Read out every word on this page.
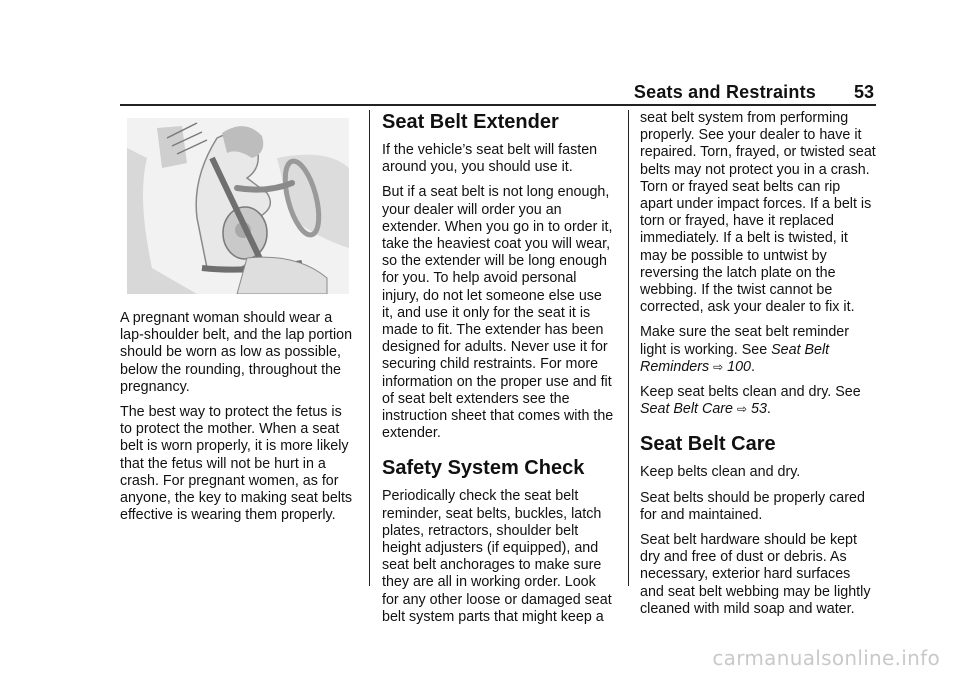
Seats and Restraints 53

A pregnant woman should wear a lap-shoulder belt, and the lap portion should be worn as low as possible, below the rounding, throughout the pregnancy.

The best way to protect the fetus is to protect the mother. When a seat belt is worn properly, it is more likely that the fetus will not be hurt in a crash. For pregnant women, as for anyone, the key to making seat belts effective is wearing them properly.

Seat Belt Extender

If the vehicle’s seat belt will fasten around you, you should use it.

But if a seat belt is not long enough, your dealer will order you an extender. When you go in to order it, take the heaviest coat you will wear, so the extender will be long enough for you. To help avoid personal injury, do not let someone else use it, and use it only for the seat it is made to fit. The extender has been designed for adults. Never use it for securing child restraints. For more information on the proper use and fit of seat belt extenders see the instruction sheet that comes with the extender.

Safety System Check

Periodically check the seat belt reminder, seat belts, buckles, latch plates, retractors, shoulder belt height adjusters (if equipped), and seat belt anchorages to make sure they are all in working order. Look for any other loose or damaged seat belt system parts that might keep a

seat belt system from performing properly. See your dealer to have it repaired. Torn, frayed, or twisted seat belts may not protect you in a crash. Torn or frayed seat belts can rip apart under impact forces. If a belt is torn or frayed, have it replaced immediately. If a belt is twisted, it may be possible to untwist by reversing the latch plate on the webbing. If the twist cannot be corrected, ask your dealer to fix it.

Make sure the seat belt reminder light is working. See Seat Belt Reminders ⇨ 100.

Keep seat belts clean and dry. See Seat Belt Care ⇨ 53.

Seat Belt Care

Keep belts clean and dry.

Seat belts should be properly cared for and maintained.

Seat belt hardware should be kept dry and free of dust or debris. As necessary, exterior hard surfaces and seat belt webbing may be lightly cleaned with mild soap and water.

carmanualsonline.info
